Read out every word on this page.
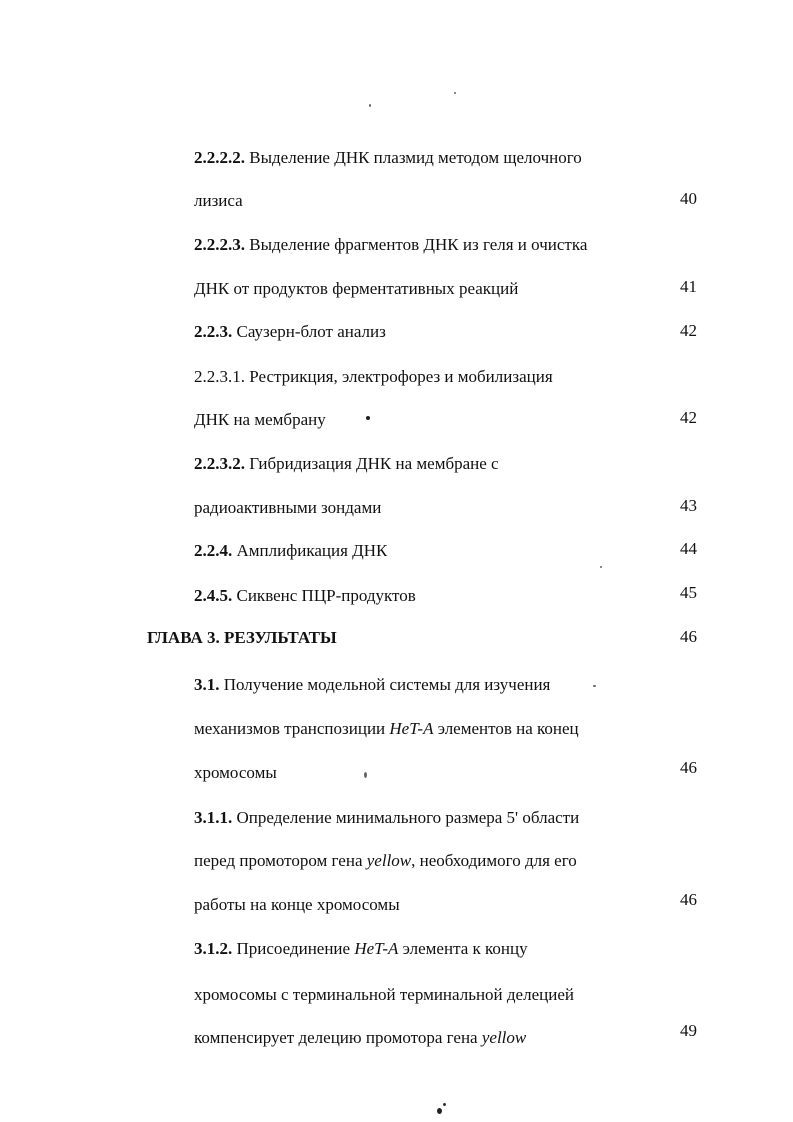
2.2.2.2. Выделение ДНК плазмид методом щелочного
лизиса	40
2.2.2.3. Выделение фрагментов ДНК из геля и очистка
ДНК от продуктов ферментативных реакций	41
2.2.3. Саузерн-блот анализ	42
2.2.3.1. Рестрикция, электрофорез и мобилизация
ДНК на мембрану	42
2.2.3.2. Гибридизация ДНК на мембране с
радиоактивными зондами	43
2.2.4. Амплификация ДНК	44
2.4.5. Сиквенс ПЦР-продуктов	45
ГЛАВА 3. РЕЗУЛЬТАТЫ	46
3.1. Получение модельной системы для изучения
механизмов транспозиции HeT-A элементов на конец
хромосомы	46
3.1.1. Определение минимального размера 5' области
перед промотором гена yellow, необходимого для его
работы на конце хромосомы	46
3.1.2. Присоединение HeT-A элемента к концу
хромосомы с терминальной терминальной делецией
компенсирует делецию промотора гена yellow	49
